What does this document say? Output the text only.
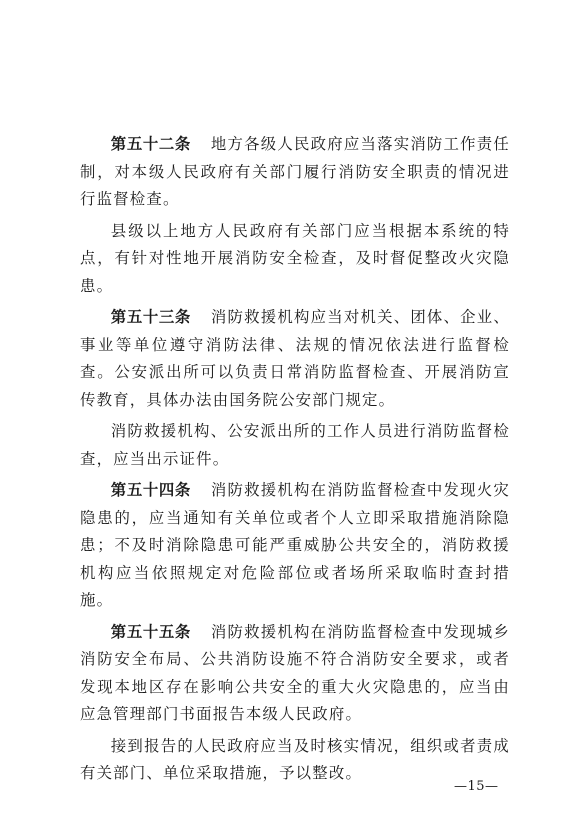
第五十二条 地方各级人民政府应当落实消防工作责任制，对本级人民政府有关部门履行消防安全职责的情况进行监督检查。

县级以上地方人民政府有关部门应当根据本系统的特点，有针对性地开展消防安全检查，及时督促整改火灾隐患。

第五十三条 消防救援机构应当对机关、团体、企业、事业等单位遵守消防法律、法规的情况依法进行监督检查。公安派出所可以负责日常消防监督检查、开展消防宣传教育，具体办法由国务院公安部门规定。

消防救援机构、公安派出所的工作人员进行消防监督检查，应当出示证件。

第五十四条 消防救援机构在消防监督检查中发现火灾隐患的，应当通知有关单位或者个人立即采取措施消除隐患；不及时消除隐患可能严重威胁公共安全的，消防救援机构应当依照规定对危险部位或者场所采取临时查封措施。

第五十五条 消防救援机构在消防监督检查中发现城乡消防安全布局、公共消防设施不符合消防安全要求，或者发现本地区存在影响公共安全的重大火灾隐患的，应当由应急管理部门书面报告本级人民政府。

接到报告的人民政府应当及时核实情况，组织或者责成有关部门、单位采取措施，予以整改。

—15—
